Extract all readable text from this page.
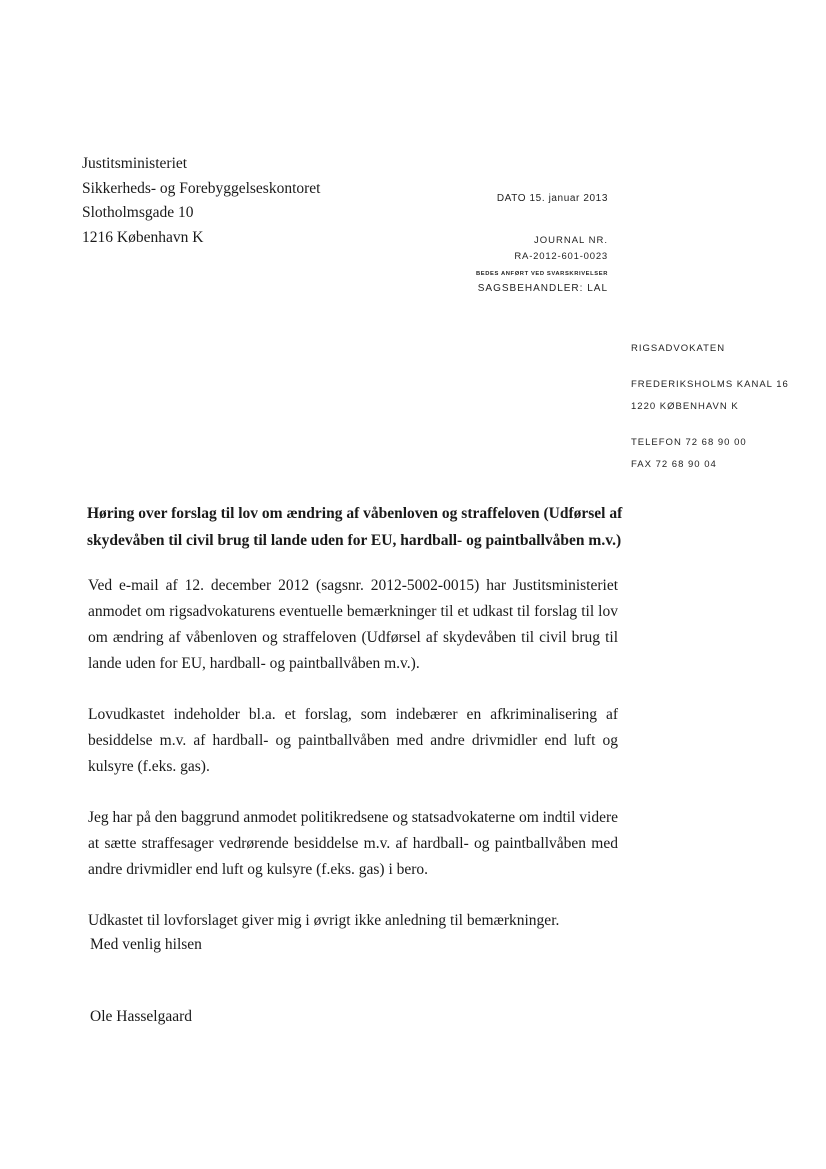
Justitsministeriet
Sikkerheds- og Forebyggelseskontoret
Slotholmsgade 10
1216 København K
DATO 15. januar 2013
JOURNAL NR.
RA-2012-601-0023
BEDES ANFØRT VED SVARSKRIVELSER
SAGSBEHANDLER: LAL
RIGSADVOKATEN
FREDERIKSHOLMS KANAL 16
1220 KØBENHAVN K
TELEFON 72 68 90 00
FAX 72 68 90 04
Høring over forslag til lov om ændring af våbenloven og straffeloven (Udførsel af skydevåben til civil brug til lande uden for EU, hardball- og paintballvåben m.v.)

Ved e-mail af 12. december 2012 (sagsnr. 2012-5002-0015) har Justitsministeriet anmodet om rigsadvokaturens eventuelle bemærkninger til et udkast til forslag til lov om ændring af våbenloven og straffeloven (Udførsel af skydevåben til civil brug til lande uden for EU, hardball- og paintballvåben m.v.).

Lovudkastet indeholder bl.a. et forslag, som indebærer en afkriminalisering af besiddelse m.v. af hardball- og paintballvåben med andre drivmidler end luft og kulsyre (f.eks. gas).

Jeg har på den baggrund anmodet politikredsene og statsadvokaterne om indtil videre at sætte straffesager vedrørende besiddelse m.v. af hardball- og paintballvåben med andre drivmidler end luft og kulsyre (f.eks. gas) i bero.

Udkastet til lovforslaget giver mig i øvrigt ikke anledning til bemærkninger.

Med venlig hilsen
Ole Hasselgaard
